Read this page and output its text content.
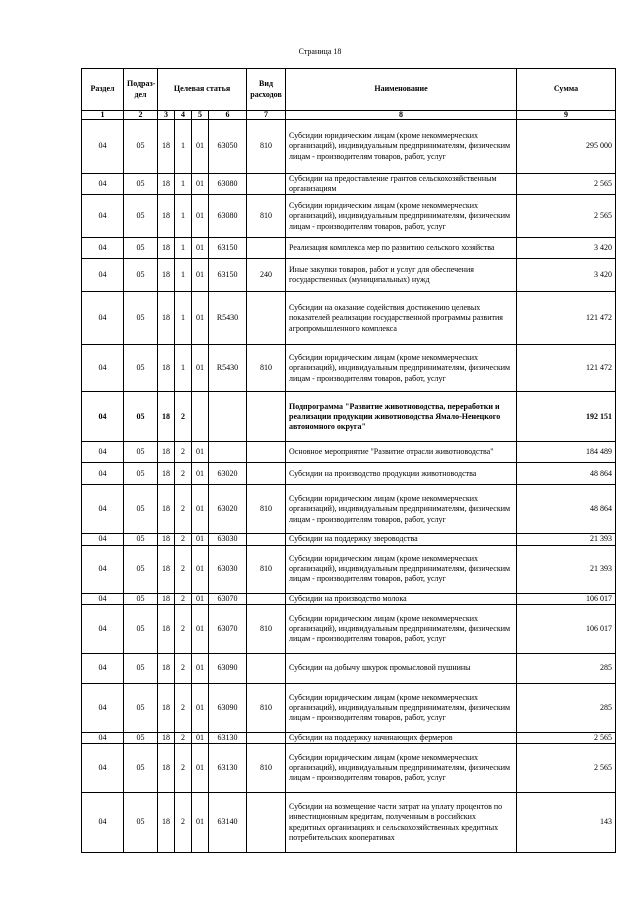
Страница 18
Раздел	Подраз-
дел	Целевая статья				Вид
расходов	Наименование	Сумма
1	2	3	4	5	6	7	8	9
04	05	18	1	01	63050	810	Субсидии юридическим лицам (кроме некоммерческих организаций), индивидуальным предпринимателям, физическим лицам - производителям товаров, работ, услуг	295 000
04	05	18	1	01	63080		Субсидии на предоставление грантов сельскохозяйственным организациям	2 565
04	05	18	1	01	63080	810	Субсидии юридическим лицам (кроме некоммерческих организаций), индивидуальным предпринимателям, физическим лицам - производителям товаров, работ, услуг	2 565
04	05	18	1	01	63150		Реализация комплекса мер по развитию сельского хозяйства	3 420
04	05	18	1	01	63150	240	Иные закупки товаров, работ и услуг для обеспечения государственных (муниципальных) нужд	3 420
04	05	18	1	01	R5430		Субсидии на оказание содействия достижению целевых показателей реализации государственной программы развития агропромышленного комплекса	121 472
04	05	18	1	01	R5430	810	Субсидии юридическим лицам (кроме некоммерческих организаций), индивидуальным предпринимателям, физическим лицам - производителям товаров, работ, услуг	121 472
04	05	18	2				Подпрограмма "Развитие животноводства, переработки и реализации продукции животноводства Ямало-Ненецкого автономного округа"	192 151
04	05	18	2	01			Основное мероприятие "Развитие отрасли животноводства"	184 489
04	05	18	2	01	63020		Субсидии на производство продукции животноводства	48 864
04	05	18	2	01	63020	810	Субсидии юридическим лицам (кроме некоммерческих организаций), индивидуальным предпринимателям, физическим лицам - производителям товаров, работ, услуг	48 864
04	05	18	2	01	63030		Субсидии на поддержку звероводства	21 393
04	05	18	2	01	63030	810	Субсидии юридическим лицам (кроме некоммерческих организаций), индивидуальным предпринимателям, физическим лицам - производителям товаров, работ, услуг	21 393
04	05	18	2	01	63070		Субсидии на производство молока	106 017
04	05	18	2	01	63070	810	Субсидии юридическим лицам (кроме некоммерческих организаций), индивидуальным предпринимателям, физическим лицам - производителям товаров, работ, услуг	106 017
04	05	18	2	01	63090		Субсидии на добычу шкурок промысловой пушнины	285
04	05	18	2	01	63090	810	Субсидии юридическим лицам (кроме некоммерческих организаций), индивидуальным предпринимателям, физическим лицам - производителям товаров, работ, услуг	285
04	05	18	2	01	63130		Субсидии на поддержку начинающих фермеров	2 565
04	05	18	2	01	63130	810	Субсидии юридическим лицам (кроме некоммерческих организаций), индивидуальным предпринимателям, физическим лицам - производителям товаров, работ, услуг	2 565
04	05	18	2	01	63140		Субсидии на возмещение части затрат на уплату процентов по инвестиционным кредитам, полученным в российских кредитных организациях и сельскохозяйственных кредитных потребительских кооперативах	143
